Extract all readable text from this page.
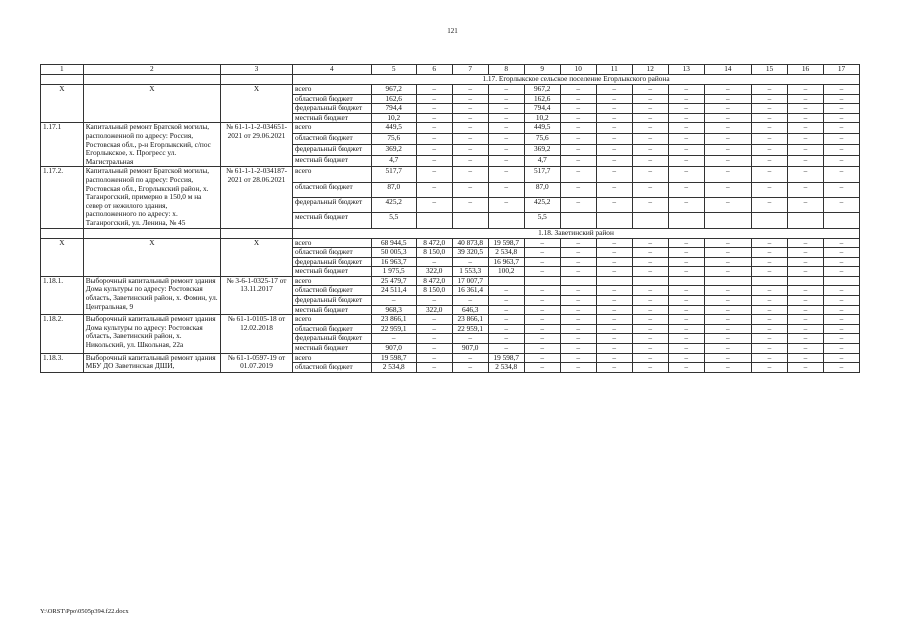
121
1	2	3	4	5	6	7	8	9	10	11	12	13	14	15	16	17
			1.17. Егорлыкское сельское поселение Егорлыкского района													
X	X	X	всего	967,2	–	–	–	967,2	–	–	–	–	–	–	–	–
			областной бюджет	162,6	–	–	–	162,6	–	–	–	–	–	–	–	–
			федеральный бюджет	794,4	–	–	–	794,4	–	–	–	–	–	–	–	–
			местный бюджет	10,2	–	–	–	10,2	–	–	–	–	–	–	–	–
1.17.1	Капитальный ремонт Братской могилы, расположенной по адресу: Россия, Ростовская обл., р-н Егорлыкский, с/пос Егорлыкское, х. Прогресс ул. Магистральная	№ 61-1-1-2-034651-2021 от 29.06.2021	всего	449,5	–	–	–	449,5	–	–	–	–	–	–	–	–
			областной бюджет	75,6	–	–	–	75,6	–	–	–	–	–	–	–	–
			федеральный бюджет	369,2	–	–	–	369,2	–	–	–	–	–	–	–	–
			местный бюджет	4,7	–	–	–	4,7	–	–	–	–	–	–	–	–
1.17.2.	Капитальный ремонт Братской могилы, расположенной по адресу: Россия, Ростовская обл., Егорлыкский район, х. Таганрогский, примерно в 150,0 м на север от нежилого здания, расположенного по адресу: х. Таганрогский, ул. Ленина, № 45	№ 61-1-1-2-034187-2021 от 28.06.2021	всего	517,7	–	–	–	517,7	–	–	–	–	–	–	–	–
			областной бюджет	87,0	–	–	–	87,0	–	–	–	–	–	–	–	–
			федеральный бюджет	425,2	–	–	–	425,2	–	–	–	–	–	–	–	–
			местный бюджет	5,5				5,5								
			1.18. Заветинский район													
X	X	X	всего	68 944,5	8 472,0	40 873,8	19 598,7	–	–	–	–	–	–	–	–	–
			областной бюджет	50 005,3	8 150,0	39 320,5	2 534,8	–	–	–	–	–	–	–	–	–
			федеральный бюджет	16 963,7	–	–	16 963,7	–	–	–	–	–	–	–	–	–
			местный бюджет	1 975,5	322,0	1 553,3	100,2	–	–	–	–	–	–	–	–	–
1.18.1.	Выборочный капитальный ремонт здания Дома культуры по адресу: Ростовская область, Заветинский район, х. Фомин, ул. Центральная, 9	№ 3-6-1-0325-17 от 13.11.2017	всего	25 479,7	8 472,0	17 007,7										
			областной бюджет	24 511,4	8 150,0	16 361,4	–	–	–	–	–	–	–	–	–	–
			федеральный бюджет	–	–	–	–	–	–	–	–	–	–	–	–	–
			местный бюджет	968,3	322,0	646,3	–	–	–	–	–	–	–	–	–	–
1.18.2.	Выборочный капитальный ремонт здания Дома культуры по адресу: Ростовская область, Заветинский район, х. Никольский, ул. Школьная, 22а	№ 61-1-0105-18 от 12.02.2018	всего	23 866,1	–	23 866,1	–	–	–	–	–	–	–	–	–	–
			областной бюджет	22 959,1	–	22 959,1	–	–	–	–	–	–	–	–	–	–
			федеральный бюджет	–	–	–	–	–	–	–	–	–	–	–	–	–
			местный бюджет	907,0	–	907,0	–	–	–	–	–	–	–	–	–	–
1.18.3.	Выборочный капитальный ремонт здания МБУ ДО Заветинская ДШИ,	№ 61-1-0597-19 от 01.07.2019	всего	19 598,7	–	–	19 598,7	–	–	–	–	–	–	–	–	–
			областной бюджет	2 534,8	–	–	2 534,8	–	–	–	–	–	–	–	–	–
Y:\ORST\Ppo\0505p394.f22.docx
